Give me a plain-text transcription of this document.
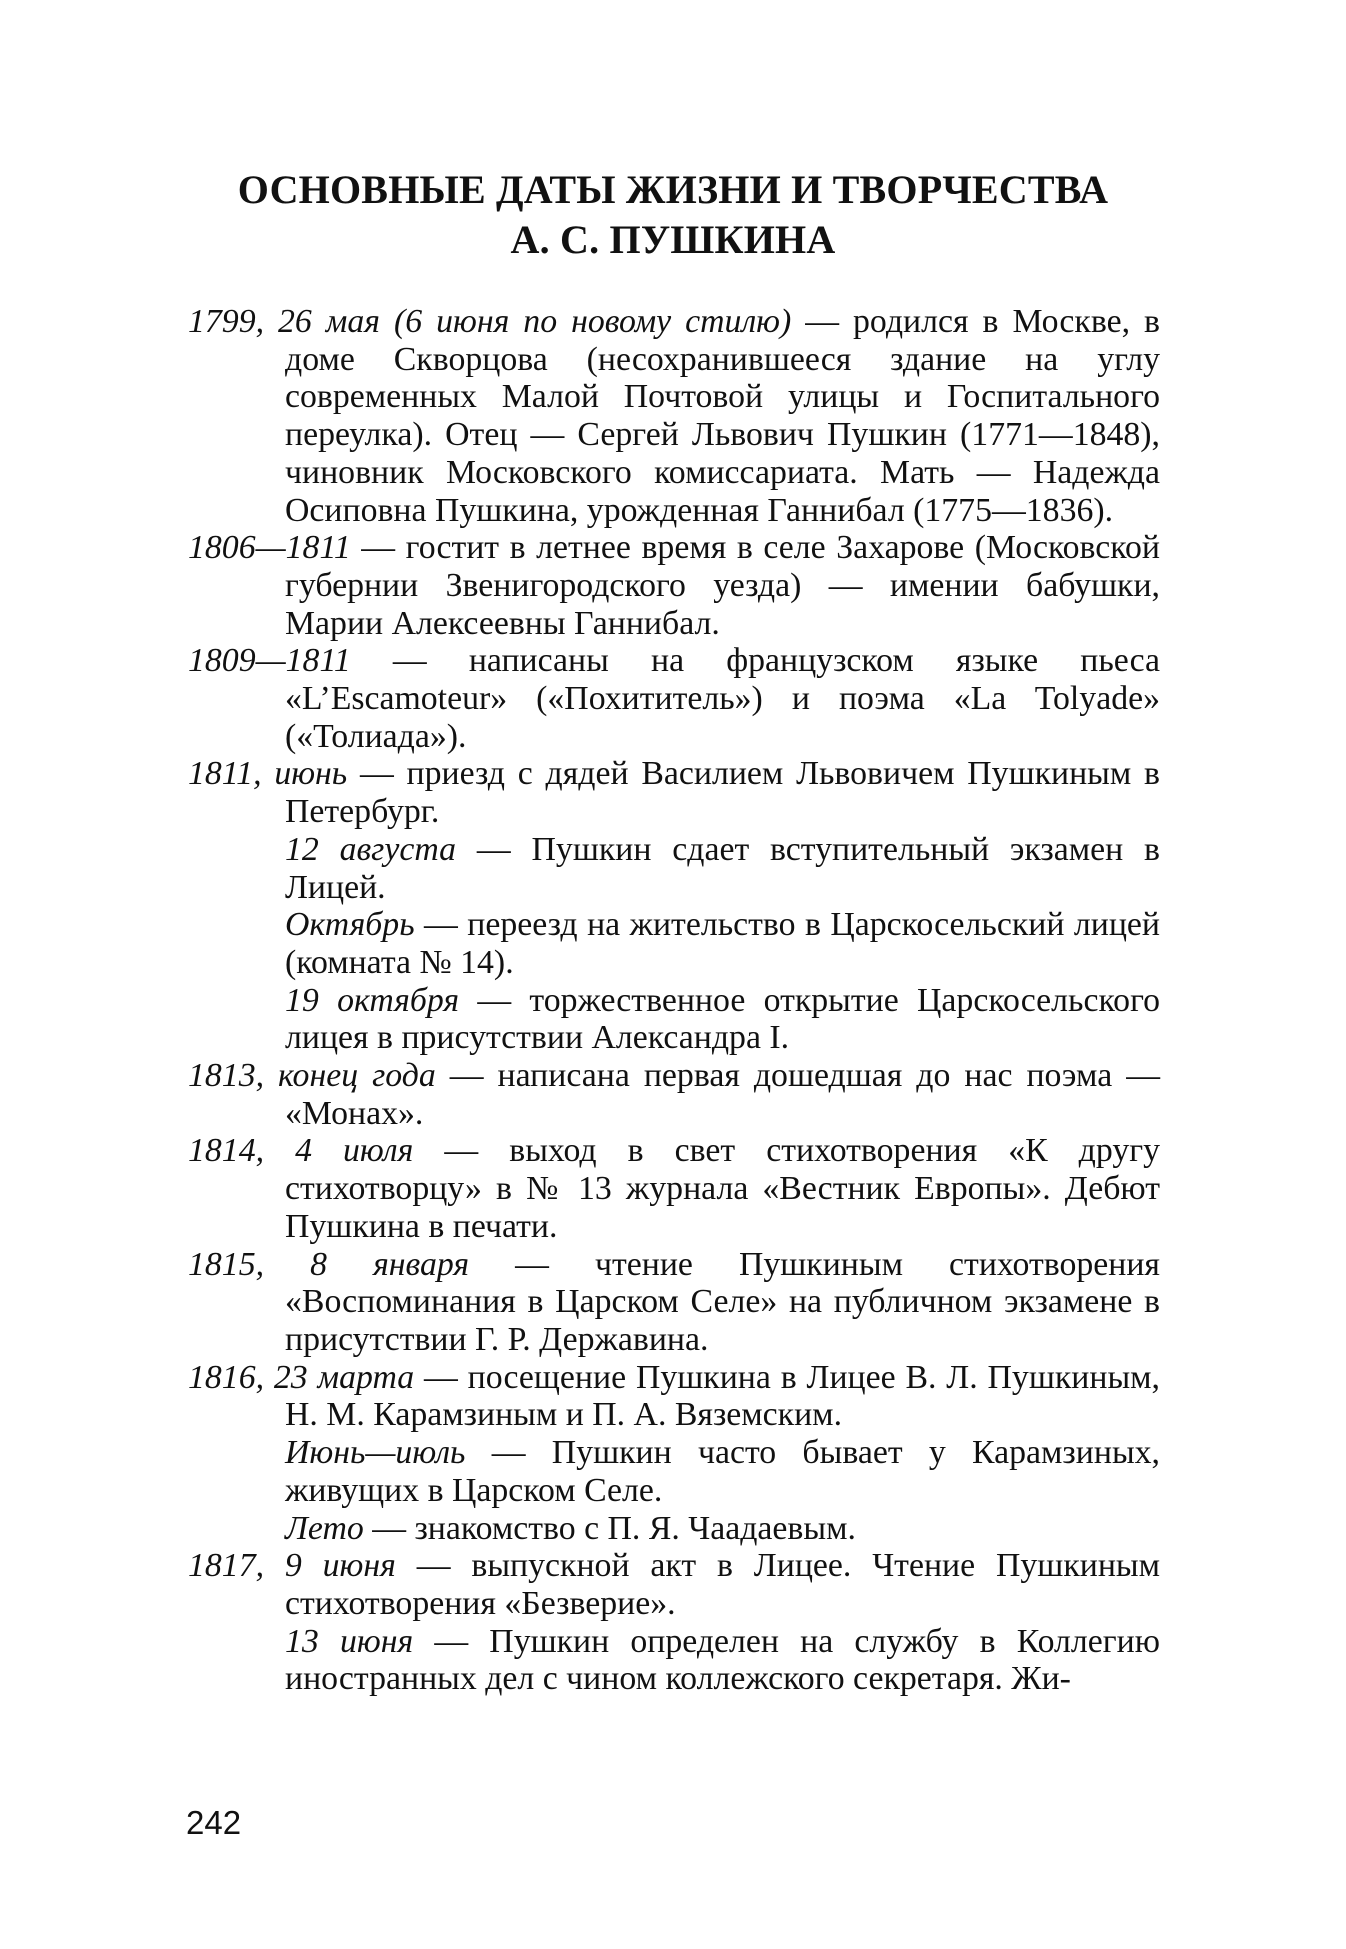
ОСНОВНЫЕ ДАТЫ ЖИЗНИ И ТВОРЧЕСТВА
А. С. ПУШКИНА

1799, 26 мая (6 июня по новому стилю) — родился в Москве, в доме Скворцова (несохранившееся здание на углу современных Малой Почтовой улицы и Госпитального переулка). Отец — Сергей Львович Пушкин (1771—1848), чиновник Московского комиссариата. Мать — Надежда Осиповна Пушкина, урожденная Ганнибал (1775—1836).

1806—1811 — гостит в летнее время в селе Захарове (Московской губернии Звенигородского уезда) — имении бабушки, Марии Алексеевны Ганнибал.

1809—1811 — написаны на французском языке пьеса «L’Escamoteur» («Похититель») и поэма «La Tolyade» («Толиада»).

1811, июнь — приезд с дядей Василием Львовичем Пушкиным в Петербург.

12 августа — Пушкин сдает вступительный экзамен в Лицей.

Октябрь — переезд на жительство в Царскосельский лицей (комната № 14).

19 октября — торжественное открытие Царскосельского лицея в присутствии Александра I.

1813, конец года — написана первая дошедшая до нас поэма — «Монах».

1814, 4 июля — выход в свет стихотворения «К другу стихотворцу» в № 13 журнала «Вестник Европы». Дебют Пушкина в печати.

1815, 8 января — чтение Пушкиным стихотворения «Воспоминания в Царском Селе» на публичном экзамене в присутствии Г. Р. Державина.

1816, 23 марта — посещение Пушкина в Лицее В. Л. Пушкиным, Н. М. Карамзиным и П. А. Вяземским.

Июнь—июль — Пушкин часто бывает у Карамзиных, живущих в Царском Селе.

Лето — знакомство с П. Я. Чаадаевым.

1817, 9 июня — выпускной акт в Лицее. Чтение Пушкиным стихотворения «Безверие».

13 июня — Пушкин определен на службу в Коллегию иностранных дел с чином коллежского секретаря. Жи-

242
